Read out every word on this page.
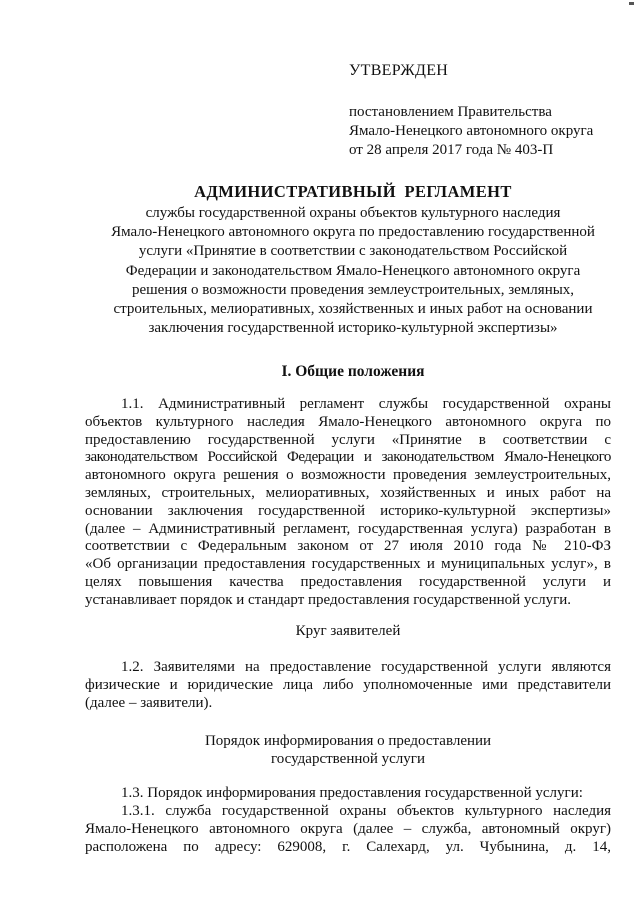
УТВЕРЖДЕН
постановлением Правительства
Ямало-Ненецкого автономного округа
от 28 апреля 2017 года № 403-П
АДМИНИСТРАТИВНЫЙ РЕГЛАМЕНТ
службы государственной охраны объектов культурного наследия
Ямало-Ненецкого автономного округа по предоставлению государственной
услуги «Принятие в соответствии с законодательством Российской
Федерации и законодательством Ямало-Ненецкого автономного округа
решения о возможности проведения землеустроительных, земляных,
строительных, мелиоративных, хозяйственных и иных работ на основании
заключения государственной историко-культурной экспертизы»
I. Общие положения
1.1. Административный регламент службы государственной охраны
объектов культурного наследия Ямало-Ненецкого автономного округа по
предоставлению государственной услуги «Принятие в соответствии с
законодательством Российской Федерации и законодательством Ямало-Ненецкого
автономного округа решения о возможности проведения землеустроительных,
земляных, строительных, мелиоративных, хозяйственных и иных работ на
основании заключения государственной историко-культурной экспертизы»
(далее – Административный регламент, государственная услуга) разработан в
соответствии с Федеральным законом от 27 июля 2010 года № 210-ФЗ
«Об организации предоставления государственных и муниципальных услуг», в
целях повышения качества предоставления государственной услуги и
устанавливает порядок и стандарт предоставления государственной услуги.
Круг заявителей
1.2. Заявителями на предоставление государственной услуги являются
физические и юридические лица либо уполномоченные ими представители
(далее – заявители).
Порядок информирования о предоставлении
государственной услуги
1.3. Порядок информирования предоставления государственной услуги:
1.3.1. служба государственной охраны объектов культурного наследия
Ямало-Ненецкого автономного округа (далее – служба, автономный округ)
расположена по адресу: 629008, г. Салехард, ул. Чубынина, д. 14,
